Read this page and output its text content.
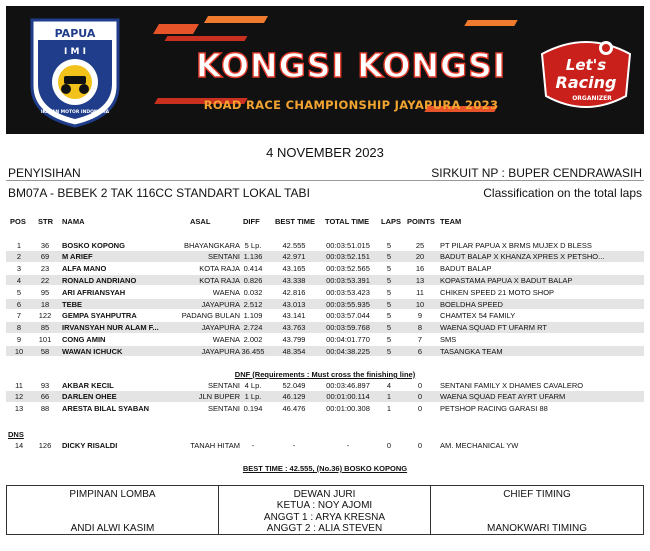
PAPUA
I M I
IKATAN MOTOR INDONESIA
KONGSI KONGSI
ROAD RACE CHAMPIONSHIP JAYAPURA 2023
Let's
Racing
ORGANIZER
4 NOVEMBER 2023
PENYISIHAN	SIRKUIT NP : BUPER CENDRAWASIH
BM07A - BEBEK 2 TAK 116CC STANDART LOKAL TABI	Classification on the total laps
POS STR NAMA	ASAL	DIFF BEST TIME TOTAL TIME LAPS POINTS TEAM
1	36	BOSKO KOPONG	BHAYANGKARA 5 Lp.	42.555	00:03:51.015	5	25	PT PILAR PAPUA X BRMS MUJEX D BLESS
2	69	M ARIEF	SENTANI 1.136	42.971	00:03:52.151	5	20	BADUT BALAP X KHANZA XPRES X PETSHO...
3	23	ALFA MANO	KOTA RAJA 0.414	43.165	00:03:52.565	5	16	BADUT BALAP
4	22	RONALD ANDRIANO	KOTA RAJA 0.826	43.338	00:03:53.391	5	13	KOPASTAMA PAPUA X BADUT BALAP
5	95	ARI AFRIANSYAH	WAENA 0.032	42.816	00:03:53.423	5	11	CHIKEN SPEED 21 MOTO SHOP
6	18	TEBE	JAYAPURA 2.512	43.013	00:03:55.935	5	10	BOELDHA SPEED
7	122	GEMPA SYAHPUTRA	PADANG BULAN 1.109	43.141	00:03:57.044	5	9	CHAMTEX 54 FAMILY
8	85	IRVANSYAH NUR ALAM F...	JAYAPURA 2.724	43.763	00:03:59.768	5	8	WAENA SQUAD FT UFARM RT
9	101	CONG AMIN	WAENA 2.002	43.799	00:04:01.770	5	7	SMS
10	58	WAWAN ICHUCK	JAYAPURA 36.455	48.354	00:04:38.225	5	6	TASANGKA TEAM
11	93	AKBAR KECIL	SENTANI 4 Lp.	52.049	00:03:46.897	4	0	SENTANI FAMILY X DHAMES CAVALERO
12	66	DARLEN OHEE	JLN BUPER 1 Lp.	46.129	00:01:00.114	1	0	WAENA SQUAD FEAT AYRT UFARM
13	88	ARESTA BILAL SYABAN	SENTANI 0.194	46.476	00:01:00.308	1	0	PETSHOP RACING GARASI 88
14	126	DICKY RISALDI	TANAH HITAM	-	-	-	0	0	AM. MECHANICAL YW
DNF (Requirements : Must cross the finishing line)
DNS
BEST TIME : 42.555, (No.36) BOSKO KOPONG
PIMPINAN LOMBA
ANDI ALWI KASIM
DEWAN JURI
KETUA : NOY AJOMI
ANGGT 1 : ARYA KRESNA
ANGGT 2 : ALIA STEVEN
CHIEF TIMING
MANOKWARI TIMING
